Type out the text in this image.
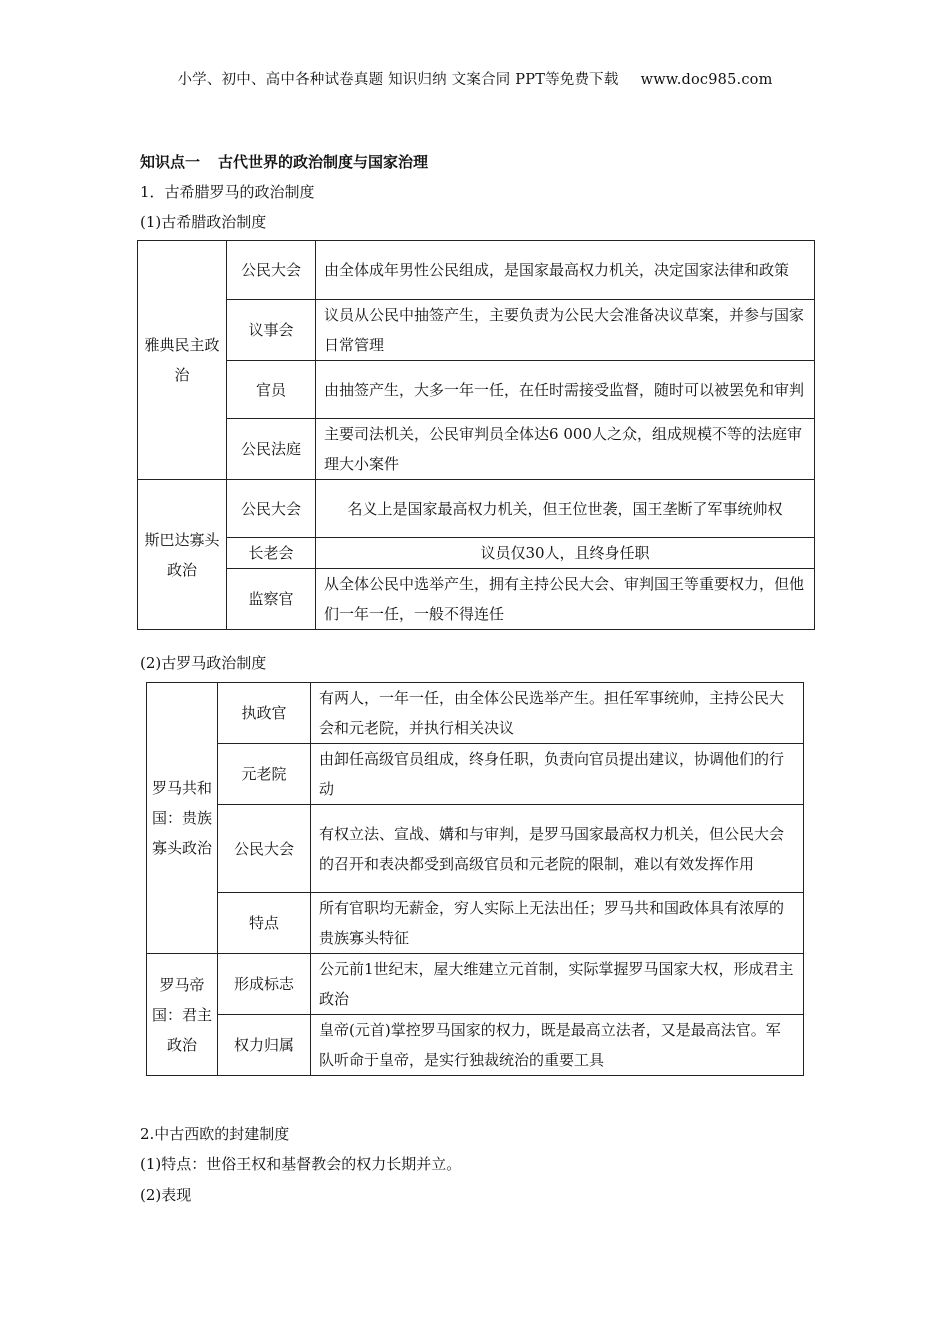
小学、初中、高中各种试卷真题 知识归纳 文案合同 PPT等免费下载 www.doc985.com
知识点一 古代世界的政治制度与国家治理
1．古希腊罗马的政治制度
(1)古希腊政治制度
雅典民主政治	公民大会	由全体成年男性公民组成，是国家最高权力机关，决定国家法律和政策
	议事会	议员从公民中抽签产生，主要负责为公民大会准备决议草案，并参与国家日常管理
	官员	由抽签产生，大多一年一任，在任时需接受监督，随时可以被罢免和审判
	公民法庭	主要司法机关，公民审判员全体达6 000人之众，组成规模不等的法庭审理大小案件
斯巴达寡头政治	公民大会	名义上是国家最高权力机关，但王位世袭，国王垄断了军事统帅权
	长老会	议员仅30人，且终身任职
	监察官	从全体公民中选举产生，拥有主持公民大会、审判国王等重要权力，但他们一年一任，一般不得连任
(2)古罗马政治制度
罗马共和国：贵族寡头政治	执政官	有两人，一年一任，由全体公民选举产生。担任军事统帅，主持公民大会和元老院，并执行相关决议
	元老院	由卸任高级官员组成，终身任职，负责向官员提出建议，协调他们的行动
	公民大会	有权立法、宣战、媾和与审判，是罗马国家最高权力机关，但公民大会的召开和表决都受到高级官员和元老院的限制，难以有效发挥作用
	特点	所有官职均无薪金，穷人实际上无法出任；罗马共和国政体具有浓厚的贵族寡头特征
罗马帝国：君主政治	形成标志	公元前1世纪末，屋大维建立元首制，实际掌握罗马国家大权，形成君主政治
	权力归属	皇帝(元首)掌控罗马国家的权力，既是最高立法者，又是最高法官。军队听命于皇帝，是实行独裁统治的重要工具
2.中古西欧的封建制度
(1)特点：世俗王权和基督教会的权力长期并立。
(2)表现
